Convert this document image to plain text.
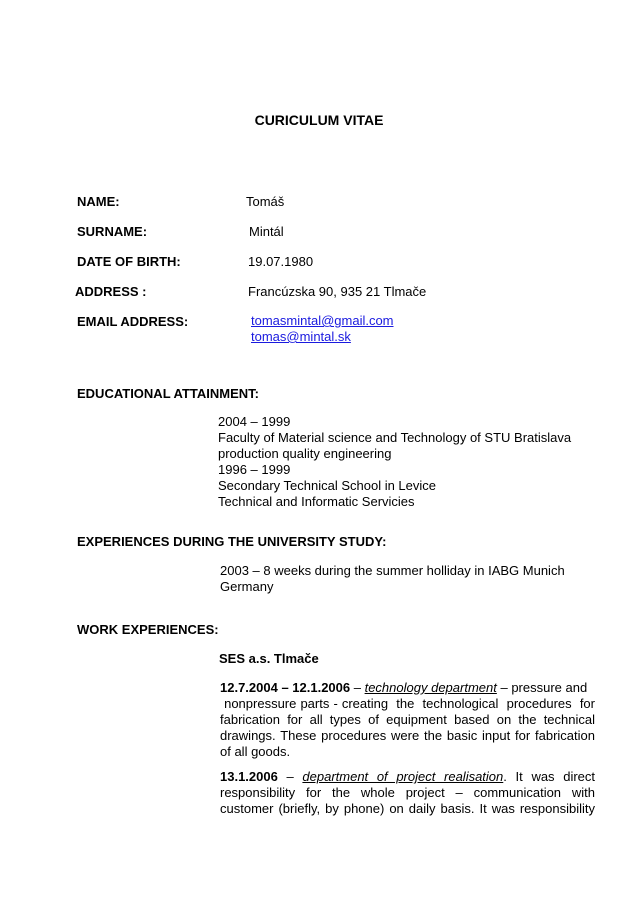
CURICULUM VITAE
NAME:	Tomáš
SURNAME:	Mintál
DATE OF BIRTH:	19.07.1980
ADDRESS :	Francúzska 90, 935 21 Tlmače
EMAIL ADDRESS:	tomasmintal@gmail.com
tomas@mintal.sk
EDUCATIONAL ATTAINMENT:
2004 – 1999
Faculty of Material science and Technology of STU Bratislava
production quality engineering
1996 – 1999
Secondary Technical School in Levice
Technical and Informatic Servicies
EXPERIENCES DURING THE UNIVERSITY STUDY:
2003 – 8 weeks during the summer holliday in IABG Munich
Germany
WORK EXPERIENCES:
SES a.s. Tlmače
12.7.2004 – 12.1.2006 – technology department – pressure and
nonpressure parts - creating  the  technological  procedures  for
fabrication for all types of equipment based on the technical
drawings. These procedures were the basic input for fabrication
of all goods.
13.1.2006 – department of project realisation. It was direct
responsibility for the whole project – communication with
customer (briefly, by phone) on daily basis. It was responsibility
